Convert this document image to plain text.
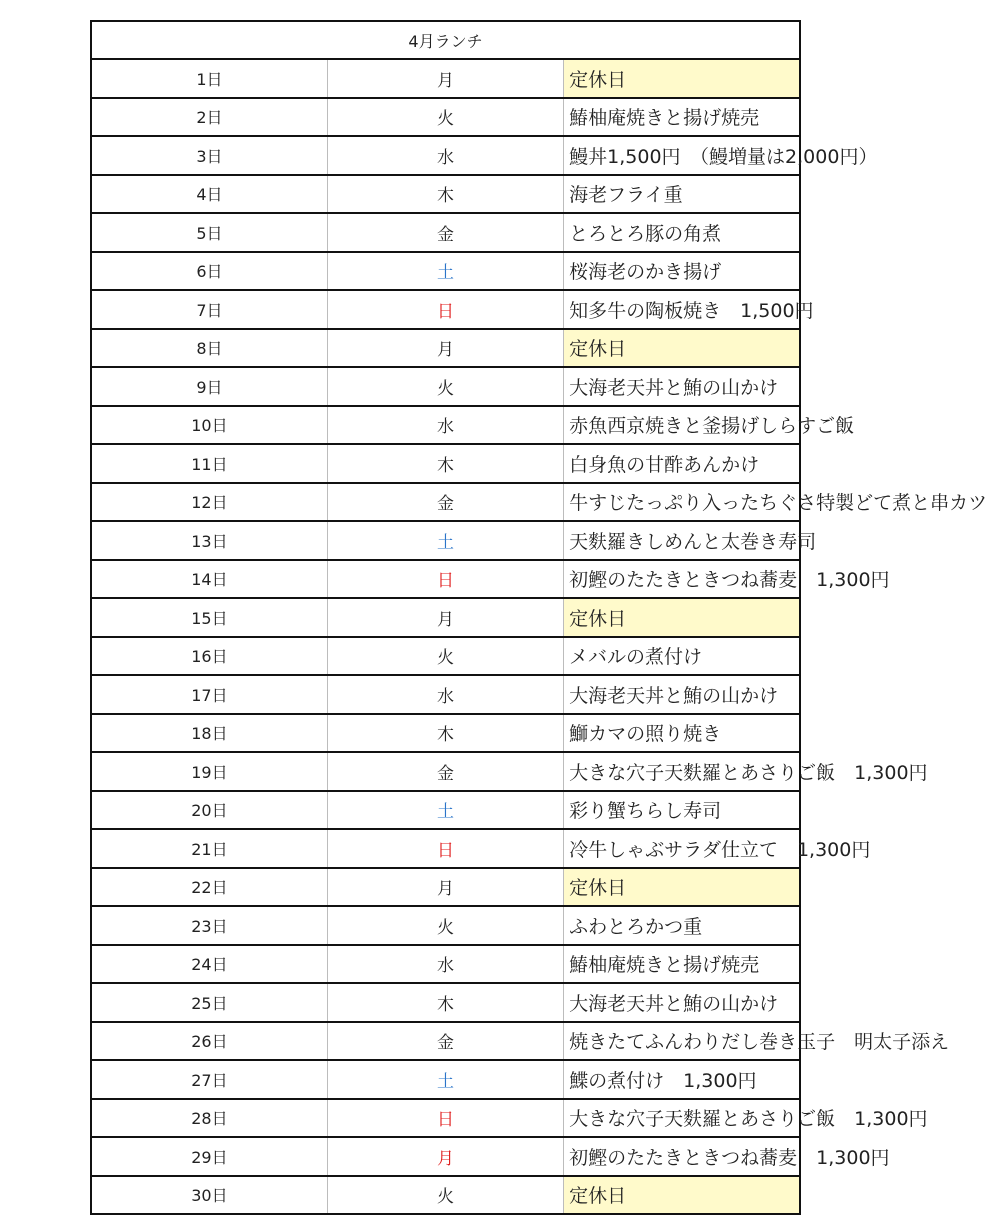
4月ランチ		
1日	月	定休日
2日	火	鰆柚庵焼きと揚げ焼売
3日	水	鰻丼1,500円　（鰻増量は2,000円）
4日	木	海老フライ重
5日	金	とろとろ豚の角煮
6日	土	桜海老のかき揚げ
7日	日	知多牛の陶板焼き　1,500円
8日	月	定休日
9日	火	大海老天丼と鮪の山かけ
10日	水	赤魚西京焼きと釜揚げしらすご飯
11日	木	白身魚の甘酢あんかけ
12日	金	牛すじたっぷり入ったちぐさ特製どて煮と串カツ
13日	土	天麩羅きしめんと太巻き寿司
14日	日	初鰹のたたきときつね蕎麦　1,300円
15日	月	定休日
16日	火	メバルの煮付け
17日	水	大海老天丼と鮪の山かけ
18日	木	鰤カマの照り焼き
19日	金	大きな穴子天麩羅とあさりご飯　1,300円
20日	土	彩り蟹ちらし寿司
21日	日	冷牛しゃぶサラダ仕立て　1,300円
22日	月	定休日
23日	火	ふわとろかつ重
24日	水	鰆柚庵焼きと揚げ焼売
25日	木	大海老天丼と鮪の山かけ
26日	金	焼きたてふんわりだし巻き玉子　明太子添え
27日	土	鰈の煮付け　1,300円
28日	日	大きな穴子天麩羅とあさりご飯　1,300円
29日	月	初鰹のたたきときつね蕎麦　1,300円
30日	火	定休日
